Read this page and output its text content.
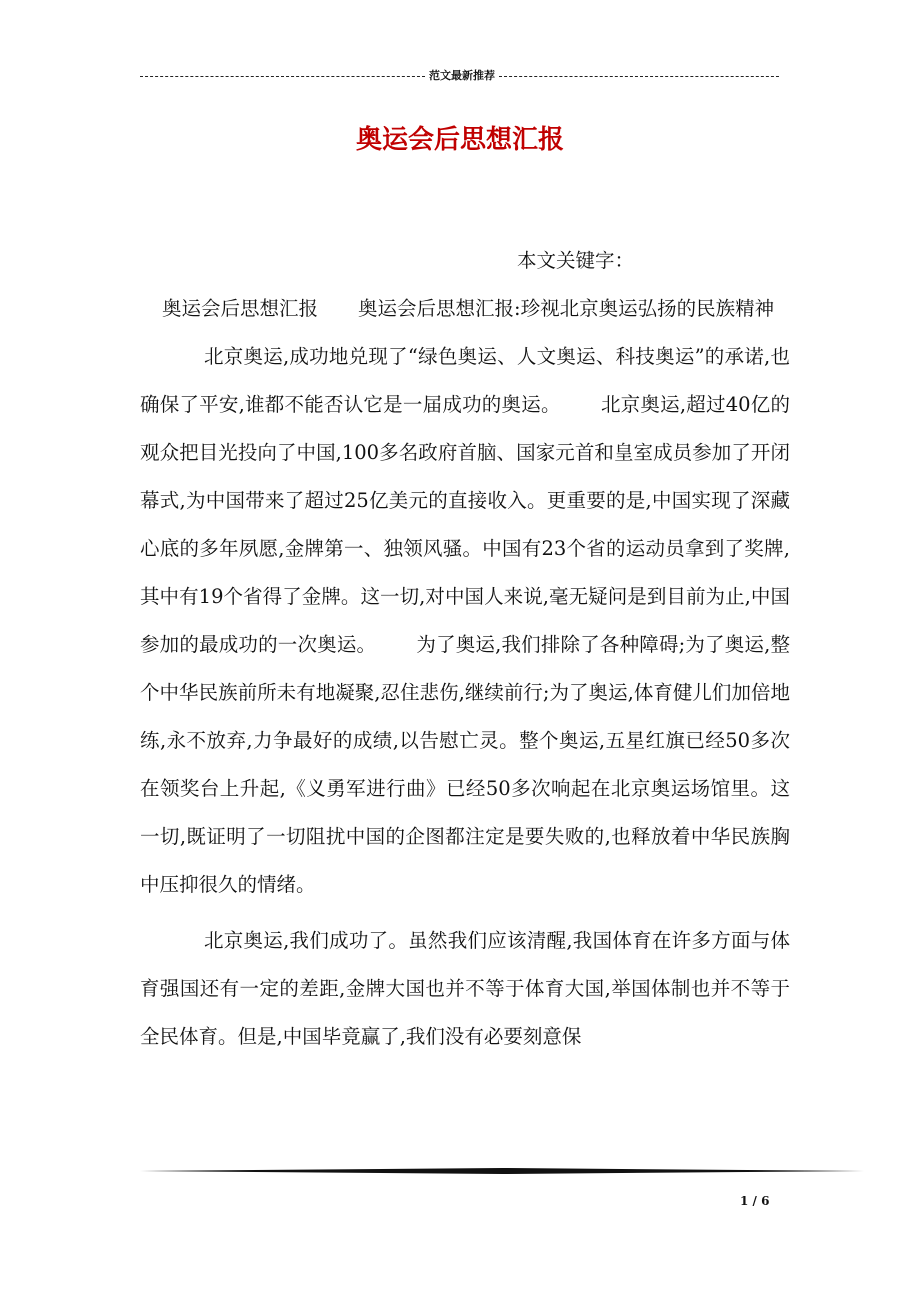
范文最新推荐
奥运会后思想汇报

本文关键字：

奥运会后思想汇报 奥运会后思想汇报:珍视北京奥运弘扬的民族精神

北京奥运,成功地兑现了“绿色奥运、人文奥运、科技奥运”的承诺,也确保了平安,谁都不能否认它是一届成功的奥运。 北京奥运,超过40亿的观众把目光投向了中国,100多名政府首脑、国家元首和皇室成员参加了开闭幕式,为中国带来了超过25亿美元的直接收入。更重要的是,中国实现了深藏心底的多年夙愿,金牌第一、独领风骚。中国有23个省的运动员拿到了奖牌,其中有19个省得了金牌。这一切,对中国人来说,毫无疑问是到目前为止,中国参加的最成功的一次奥运。 为了奥运,我们排除了各种障碍;为了奥运,整个中华民族前所未有地凝聚,忍住悲伤,继续前行;为了奥运,体育健儿们加倍地练,永不放弃,力争最好的成绩,以告慰亡灵。整个奥运,五星红旗已经50多次在领奖台上升起,《义勇军进行曲》已经50多次响起在北京奥运场馆里。这一切,既证明了一切阻扰中国的企图都注定是要失败的,也释放着中华民族胸中压抑很久的情绪。

北京奥运,我们成功了。虽然我们应该清醒,我国体育在许多方面与体育强国还有一定的差距,金牌大国也并不等于体育大国,举国体制也并不等于全民体育。但是,中国毕竟赢了,我们没有必要刻意保

1 / 6
